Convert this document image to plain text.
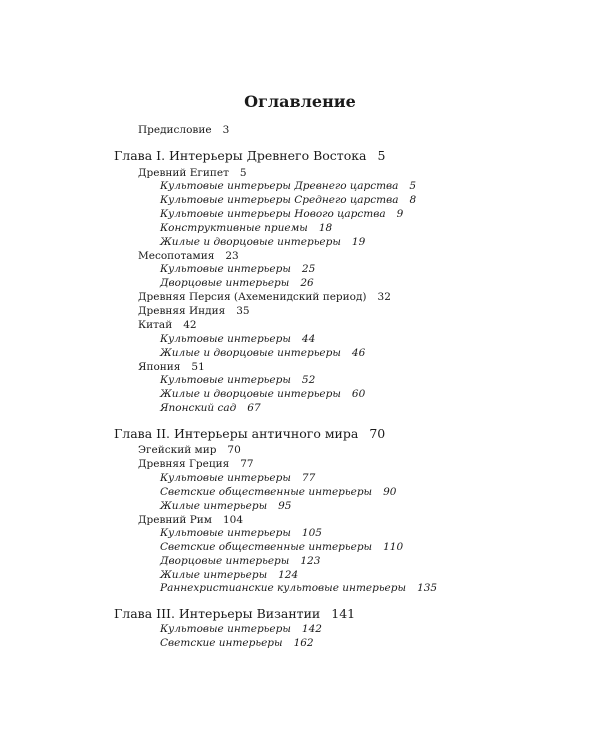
Оглавление
Предисловие 3
Глава I. Интерьеры Древнего Востока 5
Древний Египет 5
Культовые интерьеры Древнего царства 5
Культовые интерьеры Среднего царства 8
Культовые интерьеры Нового царства 9
Конструктивные приемы 18
Жилые и дворцовые интерьеры 19
Месопотамия 23
Культовые интерьеры 25
Дворцовые интерьеры 26
Древняя Персия (Ахеменидский период) 32
Древняя Индия 35
Китай 42
Культовые интерьеры 44
Жилые и дворцовые интерьеры 46
Япония 51
Культовые интерьеры 52
Жилые и дворцовые интерьеры 60
Японский сад 67
Глава II. Интерьеры античного мира 70
Эгейский мир 70
Древняя Греция 77
Культовые интерьеры 77
Светские общественные интерьеры 90
Жилые интерьеры 95
Древний Рим 104
Культовые интерьеры 105
Светские общественные интерьеры 110
Дворцовые интерьеры 123
Жилые интерьеры 124
Раннехристианские культовые интерьеры 135
Глава III. Интерьеры Византии 141
Культовые интерьеры 142
Светские интерьеры 162
